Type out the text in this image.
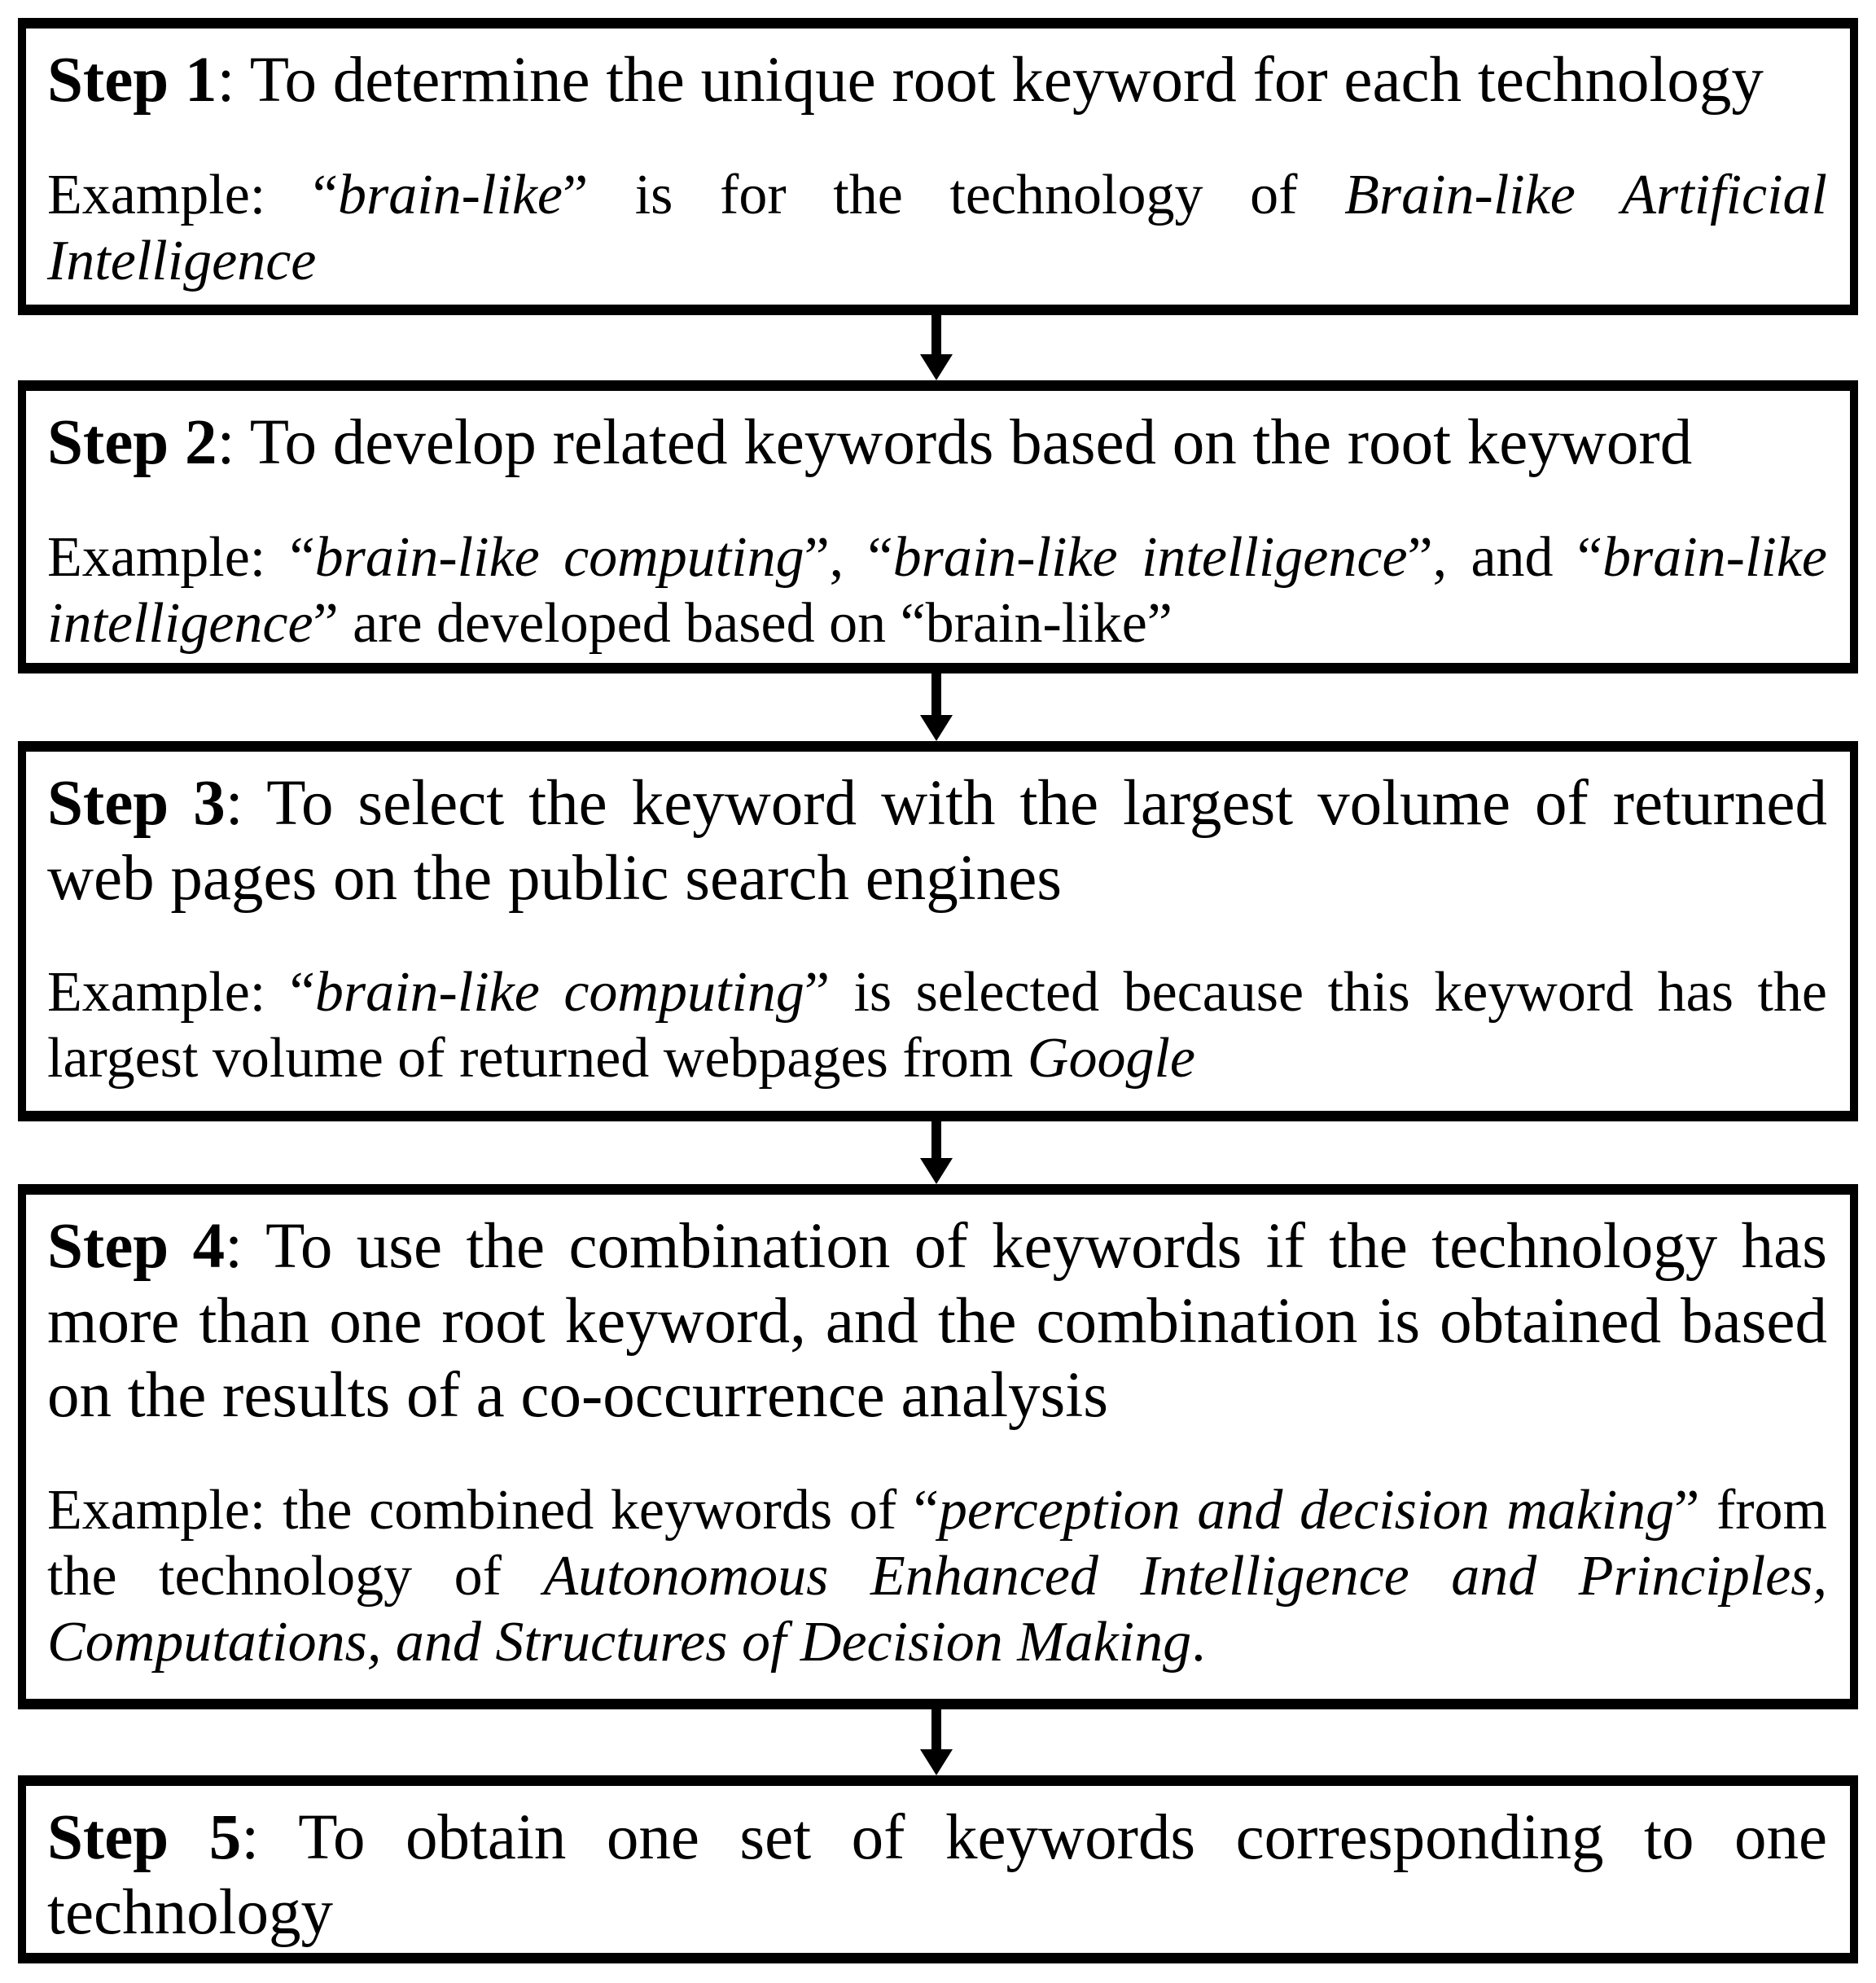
Step 1: To determine the unique root keyword for each technology

Example: “brain-like” is for the technology of Brain-like Artificial Intelligence

Step 2: To develop related keywords based on the root keyword

Example: “brain-like computing”, “brain-like intelligence”, and “brain-like intelligence” are developed based on “brain-like”

Step 3: To select the keyword with the largest volume of returned web pages on the public search engines

Example: “brain-like computing” is selected because this keyword has the largest volume of returned webpages from Google

Step 4: To use the combination of keywords if the technology has more than one root keyword, and the combination is obtained based on the results of a co-occurrence analysis

Example: the combined keywords of “perception and decision making” from the technology of Autonomous Enhanced Intelligence and Principles, Computations, and Structures of Decision Making.

Step 5: To obtain one set of keywords corresponding to one technology
